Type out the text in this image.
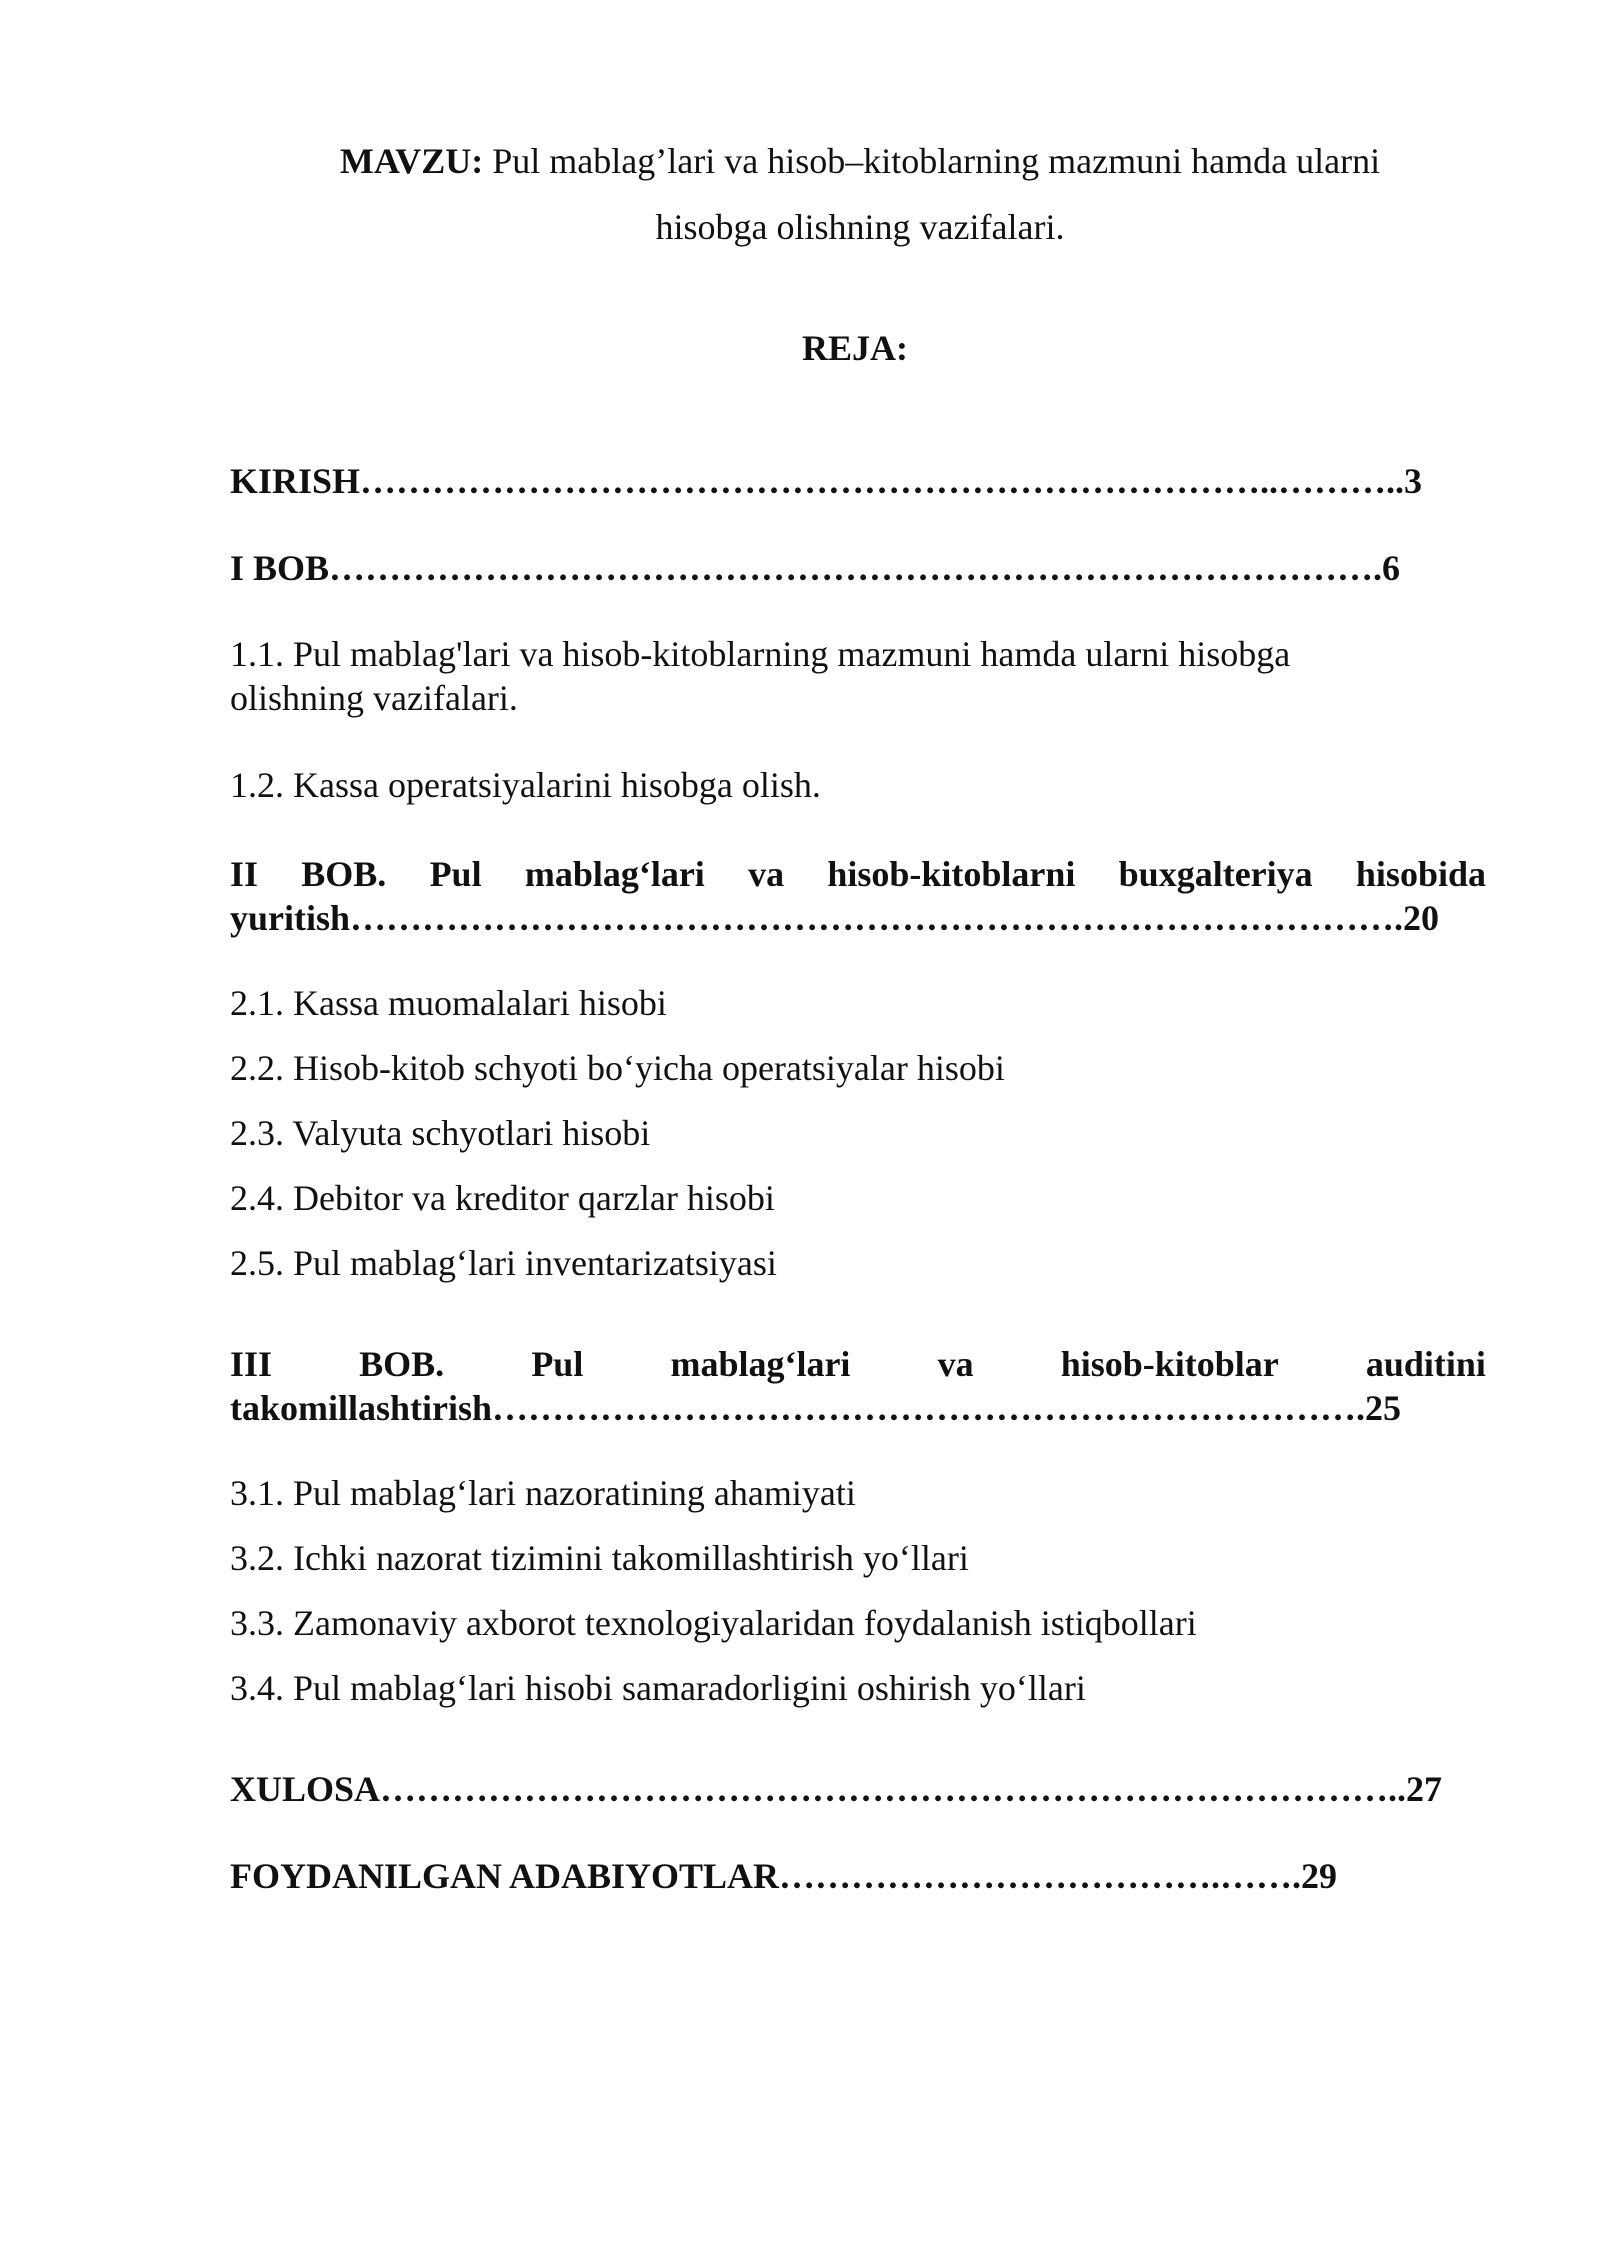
MAVZU: Pul mablag’lari va hisob–kitoblarning mazmuni hamda ularni
hisobga olishning vazifalari.
REJA:
KIRISH…………………………………………………………………..………..3
I BOB…………………………………………………………………………….6
1.1. Pul mablag'lari va hisob-kitoblarning mazmuni hamda ularni hisobga
olishning vazifalari.
1.2. Kassa operatsiyalarini hisobga olish.
II BOB. Pul mablag‘lari va hisob-kitoblarni buxgalteriya hisobida
yuritish…………………………………………………………………………….20
2.1. Kassa muomalalari hisobi
2.2. Hisob-kitob schyoti bo‘yicha operatsiyalar hisobi
2.3. Valyuta schyotlari hisobi
2.4. Debitor va kreditor qarzlar hisobi
2.5. Pul mablag‘lari inventarizatsiyasi
III BOB. Pul mablag‘lari va hisob-kitoblar auditini
takomillashtirish……………………………………………………………….25
3.1. Pul mablag‘lari nazoratining ahamiyati
3.2. Ichki nazorat tizimini takomillashtirish yo‘llari
3.3. Zamonaviy axborot texnologiyalaridan foydalanish istiqbollari
3.4. Pul mablag‘lari hisobi samaradorligini oshirish yo‘llari
XULOSA…………………………………………………………………………..27
FOYDANILGAN ADABIYOTLAR……………………………….…….29
